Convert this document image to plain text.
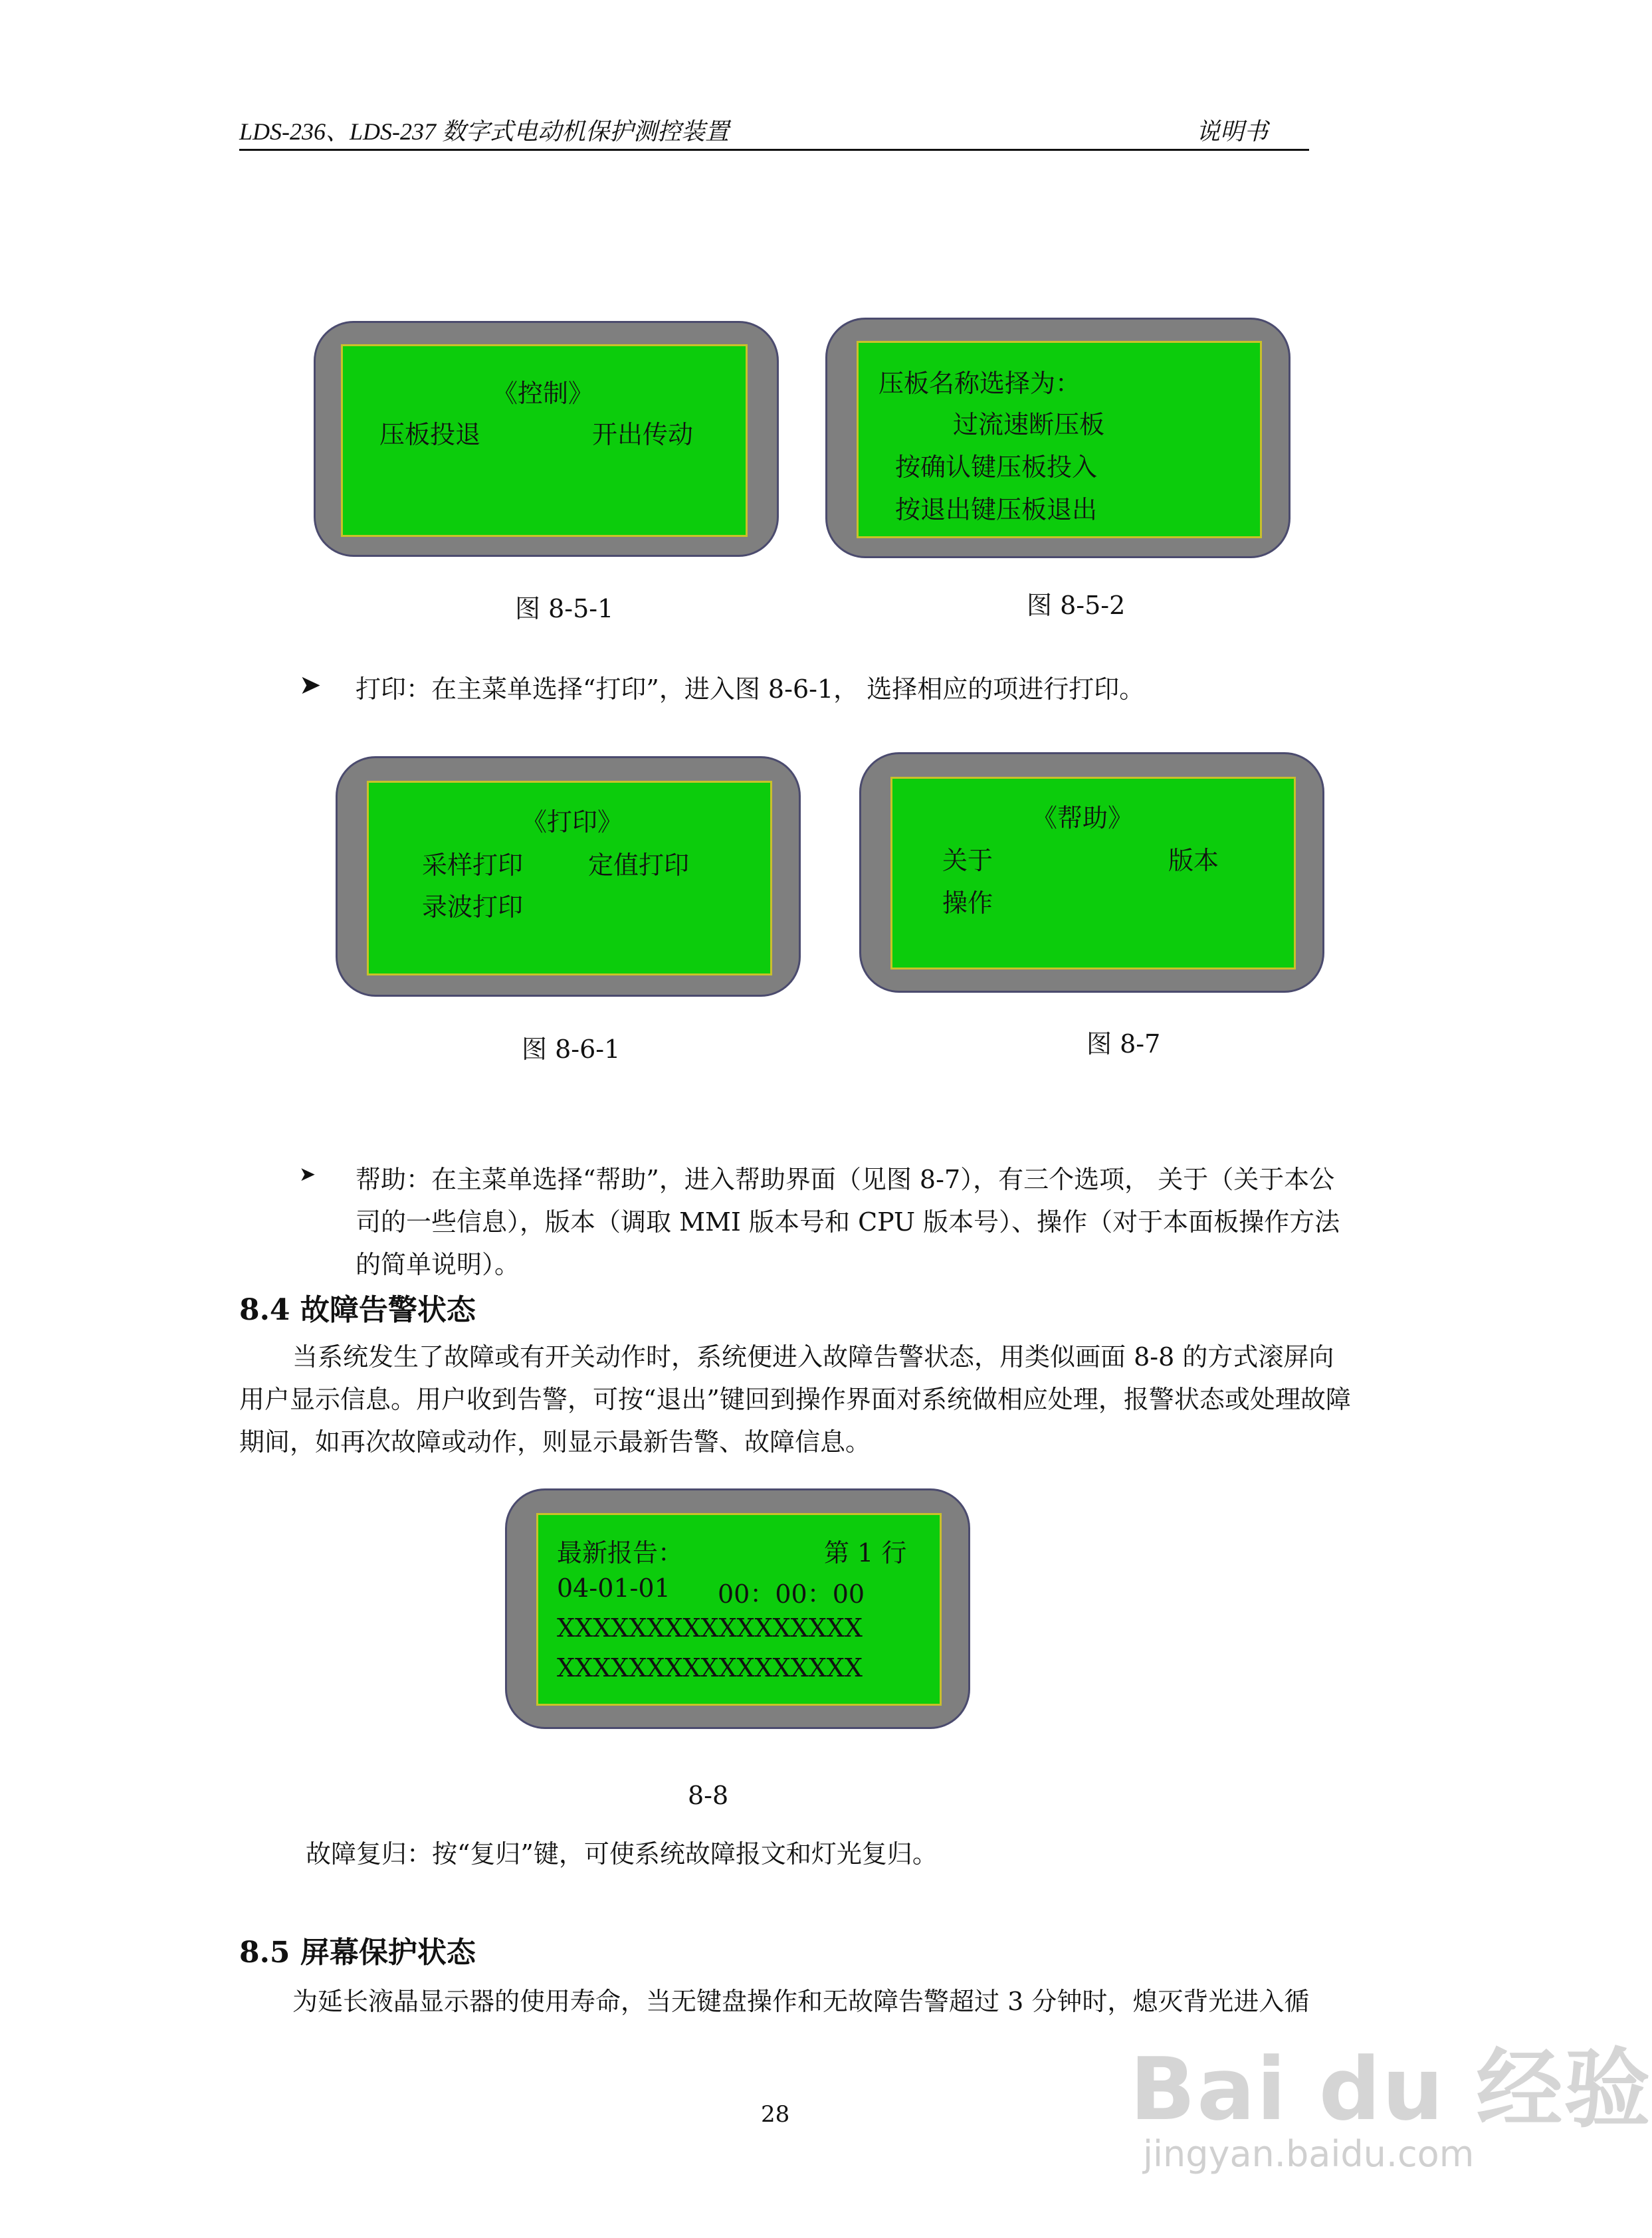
LDS-236、LDS-237 数字式电动机保护测控装置	说明书
《控制》
压板投退	开出传动
图 8-5-1
压板名称选择为：
过流速断压板
按确认键压板投入
按退出键压板退出
图 8-5-2
➤ 打印：在主菜单选择“打印”，进入图 8-6-1， 选择相应的项进行打印。
《打印》
采样打印	定值打印
录波打印
图 8-6-1
《帮助》
关于	版本
操作
图 8-7
➤ 帮助：在主菜单选择“帮助”，进入帮助界面（见图 8-7），有三个选项， 关于（关于本公司的一些信息），版本（调取 MMI 版本号和 CPU 版本号）、操作（对于本面板操作方法的简单说明）。
8.4 故障告警状态
当系统发生了故障或有开关动作时，系统便进入故障告警状态，用类似画面 8-8 的方式滚屏向用户显示信息。用户收到告警，可按“退出”键回到操作界面对系统做相应处理，报警状态或处理故障期间，如再次故障或动作，则显示最新告警、故障信息。
最新报告：	第 1 行
04-01-01 00：00：00
XXXXXXXXXXXXXXXXX
XXXXXXXXXXXXXXXXX
8-8
故障复归：按“复归”键，可使系统故障报文和灯光复归。
8.5 屏幕保护状态
为延长液晶显示器的使用寿命，当无键盘操作和无故障告警超过 3 分钟时，熄灭背光进入循
28	Bai du 经验
jingyan.baidu.com
